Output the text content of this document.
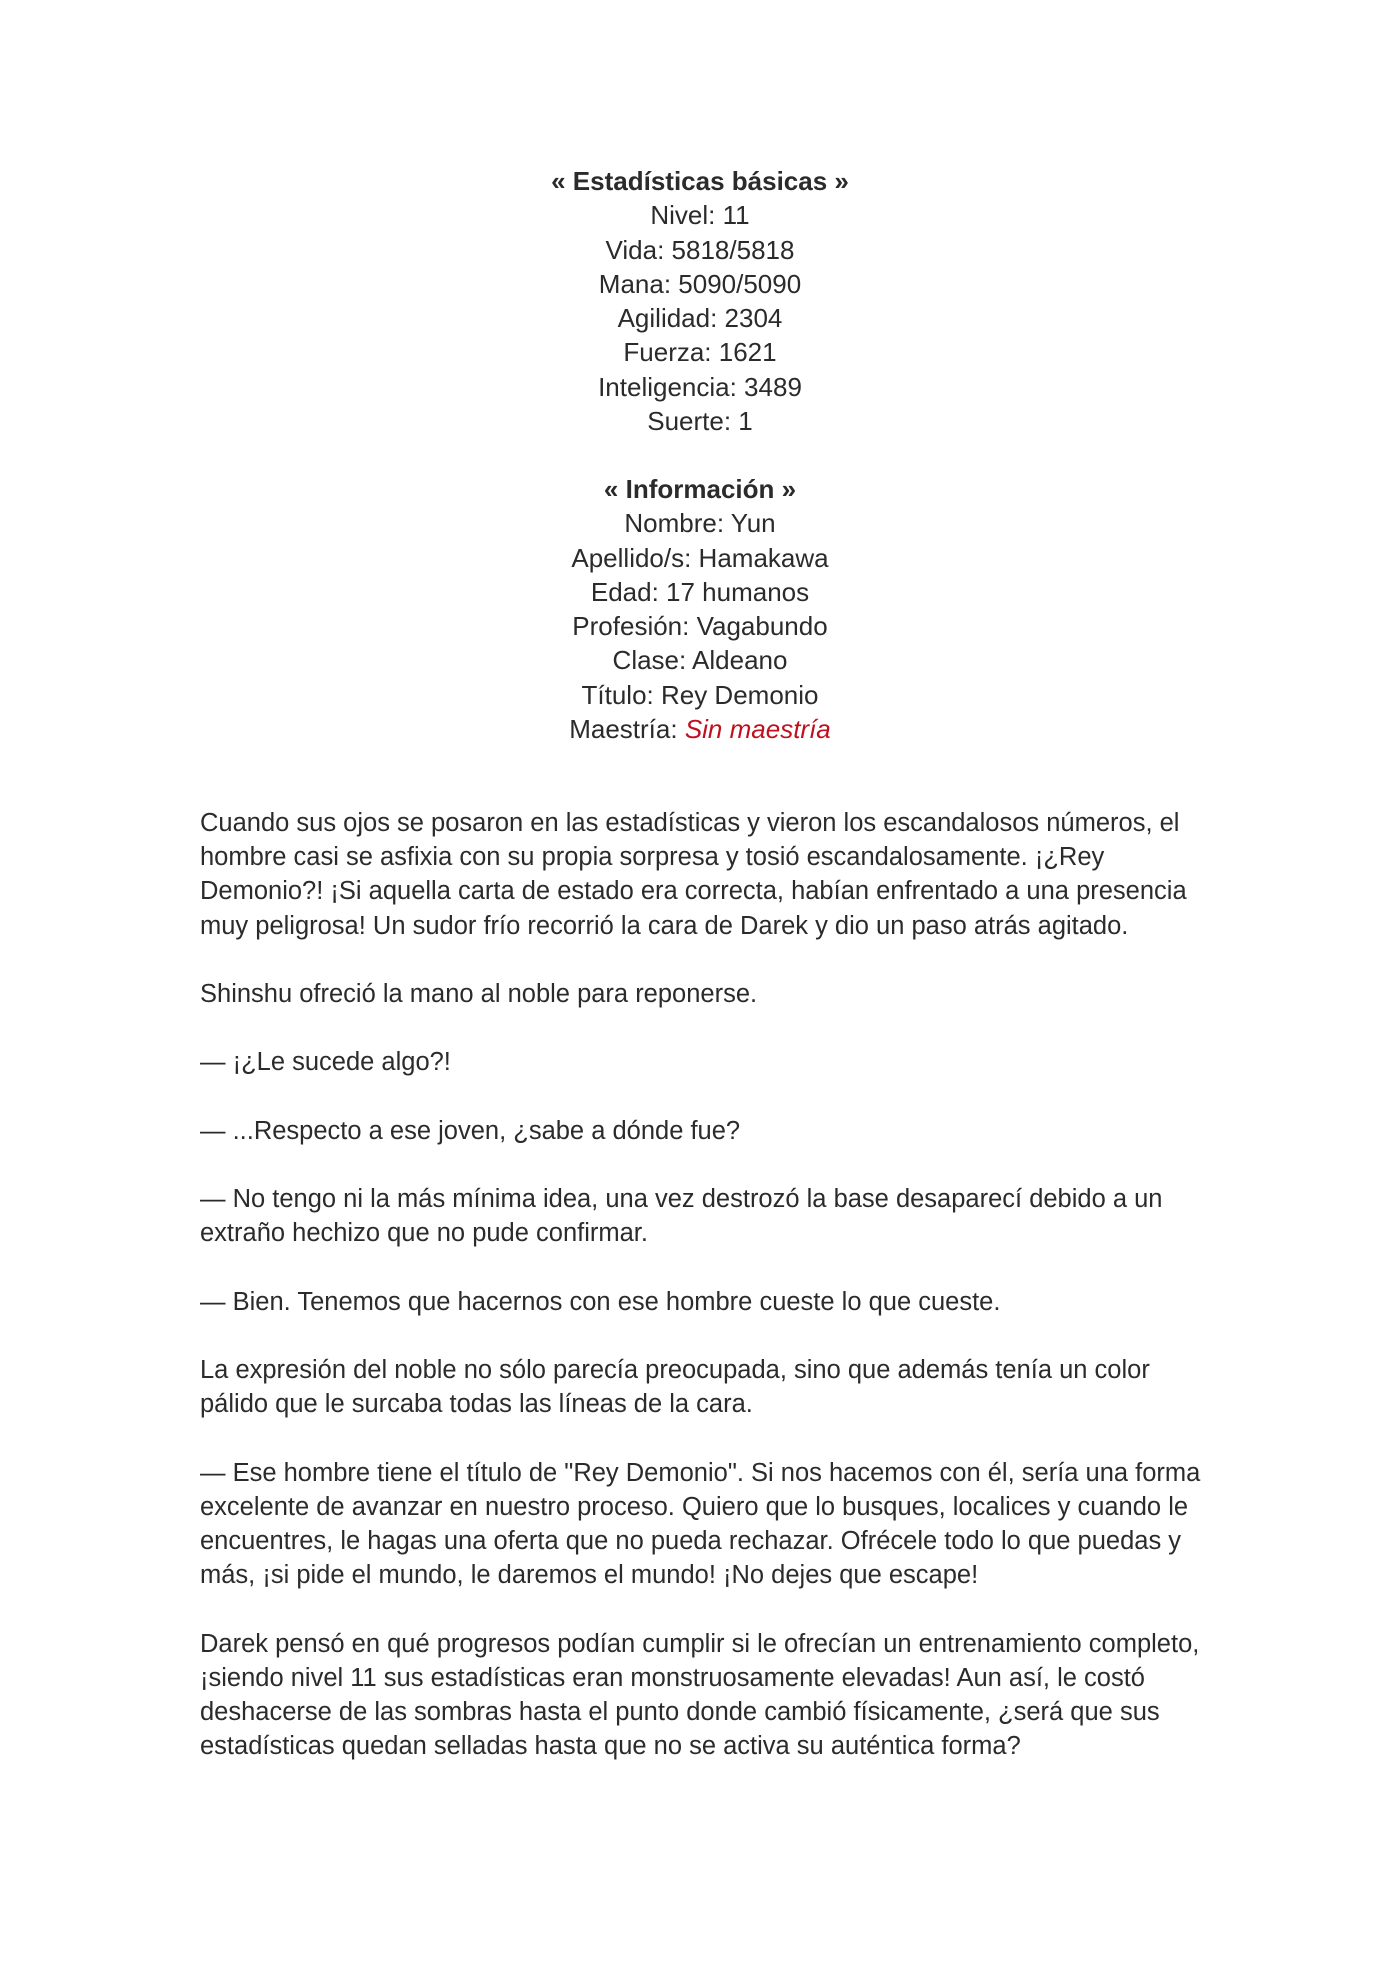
« Estadísticas básicas »
Nivel: 11
Vida: 5818/5818
Mana: 5090/5090
Agilidad: 2304
Fuerza: 1621
Inteligencia: 3489
Suerte: 1
« Información »
Nombre: Yun
Apellido/s: Hamakawa
Edad: 17 humanos
Profesión: Vagabundo
Clase: Aldeano
Título: Rey Demonio
Maestría: Sin maestría

Cuando sus ojos se posaron en las estadísticas y vieron los escandalosos números, el hombre casi se asfixia con su propia sorpresa y tosió escandalosamente. ¡¿Rey Demonio?! ¡Si aquella carta de estado era correcta, habían enfrentado a una presencia muy peligrosa! Un sudor frío recorrió la cara de Darek y dio un paso atrás agitado.

Shinshu ofreció la mano al noble para reponerse.

— ¡¿Le sucede algo?!

— ...Respecto a ese joven, ¿sabe a dónde fue?

— No tengo ni la más mínima idea, una vez destrozó la base desaparecí debido a un extraño hechizo que no pude confirmar.

— Bien. Tenemos que hacernos con ese hombre cueste lo que cueste.

La expresión del noble no sólo parecía preocupada, sino que además tenía un color pálido que le surcaba todas las líneas de la cara.

— Ese hombre tiene el título de "Rey Demonio". Si nos hacemos con él, sería una forma excelente de avanzar en nuestro proceso. Quiero que lo busques, localices y cuando le encuentres, le hagas una oferta que no pueda rechazar. Ofrécele todo lo que puedas y más, ¡si pide el mundo, le daremos el mundo! ¡No dejes que escape!

Darek pensó en qué progresos podían cumplir si le ofrecían un entrenamiento completo, ¡siendo nivel 11 sus estadísticas eran monstruosamente elevadas! Aun así, le costó deshacerse de las sombras hasta el punto donde cambió físicamente, ¿será que sus estadísticas quedan selladas hasta que no se activa su auténtica forma?
